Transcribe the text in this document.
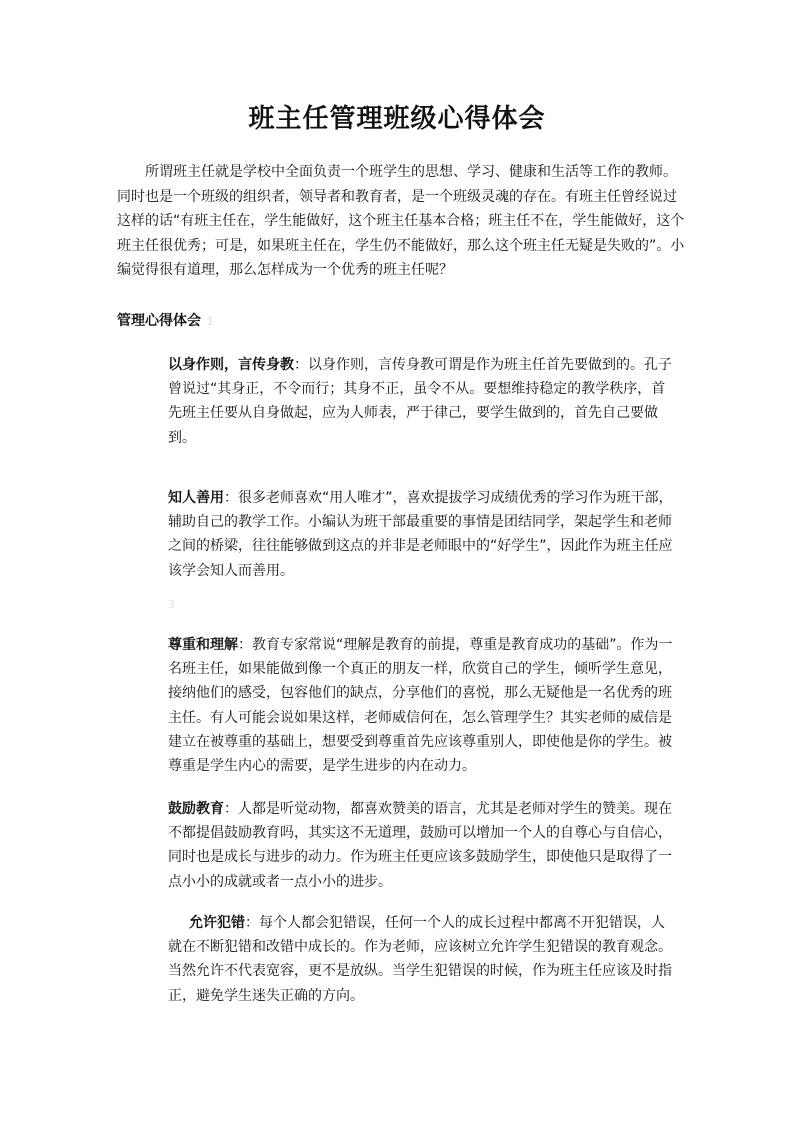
班主任管理班级心得体会

所谓班主任就是学校中全面负责一个班学生的思想、学习、健康和生活等工作的教师。同时也是一个班级的组织者，领导者和教育者，是一个班级灵魂的存在。有班主任曾经说过这样的话“有班主任在，学生能做好，这个班主任基本合格；班主任不在，学生能做好，这个班主任很优秀；可是，如果班主任在，学生仍不能做好，那么这个班主任无疑是失败的”。小编觉得很有道理，那么怎样成为一个优秀的班主任呢？

管理心得体会 1

以身作则，言传身教：以身作则，言传身教可谓是作为班主任首先要做到的。孔子曾说过“其身正，不令而行；其身不正，虽令不从。要想维持稳定的教学秩序，首先班主任要从自身做起，应为人师表，严于律己，要学生做到的，首先自己要做到。

知人善用：很多老师喜欢“用人唯才”，喜欢提拔学习成绩优秀的学习作为班干部，辅助自己的教学工作。小编认为班干部最重要的事情是团结同学，架起学生和老师之间的桥梁，往往能够做到这点的并非是老师眼中的“好学生”，因此作为班主任应该学会知人而善用。

3

尊重和理解：教育专家常说“理解是教育的前提，尊重是教育成功的基础”。作为一名班主任，如果能做到像一个真正的朋友一样，欣赏自己的学生，倾听学生意见，接纳他们的感受，包容他们的缺点，分享他们的喜悦，那么无疑他是一名优秀的班主任。有人可能会说如果这样，老师威信何在，怎么管理学生？其实老师的威信是建立在被尊重的基础上，想要受到尊重首先应该尊重别人，即使他是你的学生。被尊重是学生内心的需要，是学生进步的内在动力。

鼓励教育：人都是听觉动物，都喜欢赞美的语言，尤其是老师对学生的赞美。现在不都提倡鼓励教育吗，其实这不无道理，鼓励可以增加一个人的自尊心与自信心，同时也是成长与进步的动力。作为班主任更应该多鼓励学生，即使他只是取得了一点小小的成就或者一点小小的进步。

允许犯错：每个人都会犯错误，任何一个人的成长过程中都离不开犯错误，人就在不断犯错和改错中成长的。作为老师，应该树立允许学生犯错误的教育观念。当然允许不代表宽容，更不是放纵。当学生犯错误的时候，作为班主任应该及时指正，避免学生迷失正确的方向。
